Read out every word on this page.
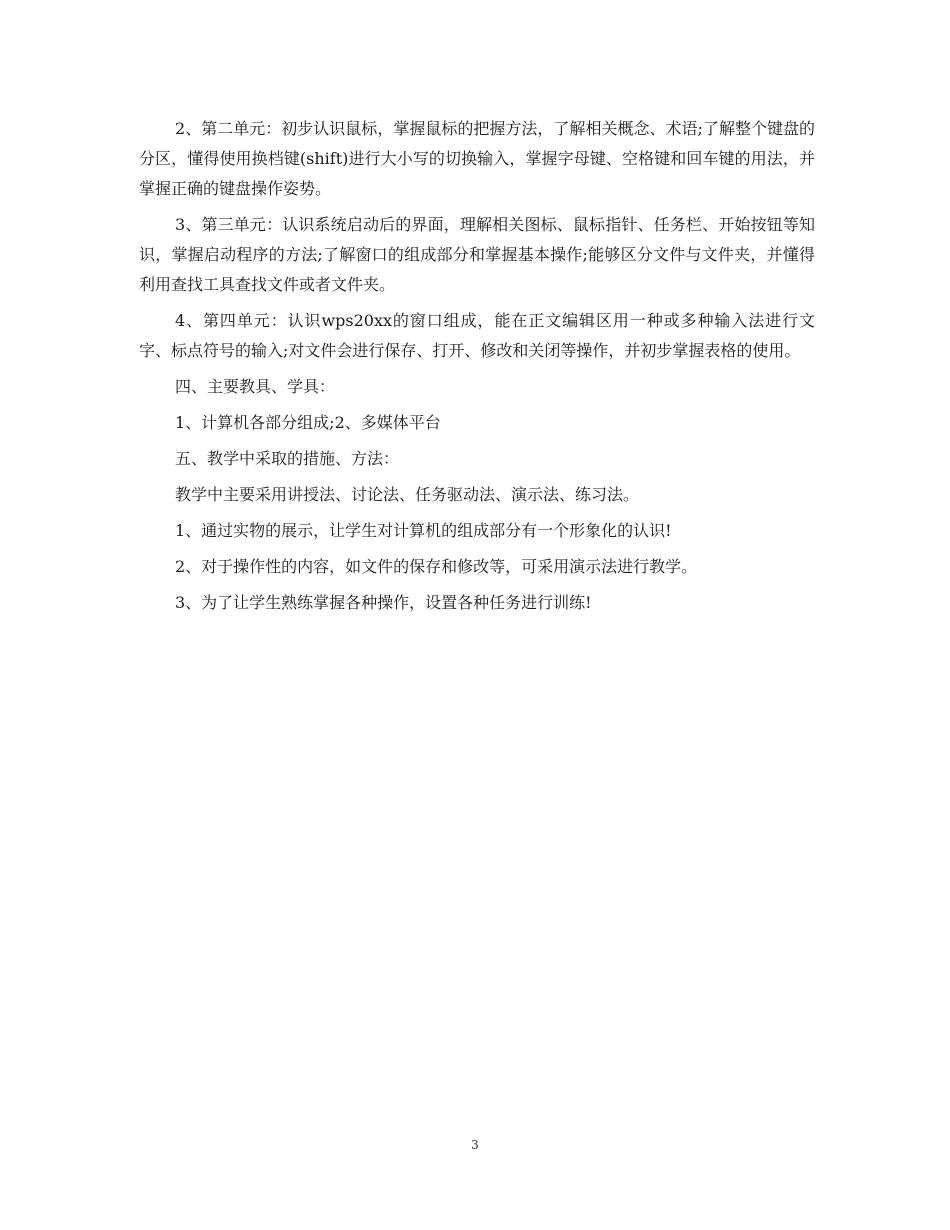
2、第二单元：初步认识鼠标，掌握鼠标的把握方法，了解相关概念、术语;了解整个键盘的分区，懂得使用换档键(shift)进行大小写的切换输入，掌握字母键、空格键和回车键的用法，并掌握正确的键盘操作姿势。

3、第三单元：认识系统启动后的界面，理解相关图标、鼠标指针、任务栏、开始按钮等知识，掌握启动程序的方法;了解窗口的组成部分和掌握基本操作;能够区分文件与文件夹，并懂得利用查找工具查找文件或者文件夹。

4、第四单元：认识wps20xx的窗口组成，能在正文编辑区用一种或多种输入法进行文字、标点符号的输入;对文件会进行保存、打开、修改和关闭等操作，并初步掌握表格的使用。

四、主要教具、学具：

1、计算机各部分组成;2、多媒体平台

五、教学中采取的措施、方法：

教学中主要采用讲授法、讨论法、任务驱动法、演示法、练习法。

1、通过实物的展示，让学生对计算机的组成部分有一个形象化的认识!

2、对于操作性的内容，如文件的保存和修改等，可采用演示法进行教学。

3、为了让学生熟练掌握各种操作，设置各种任务进行训练!

3
